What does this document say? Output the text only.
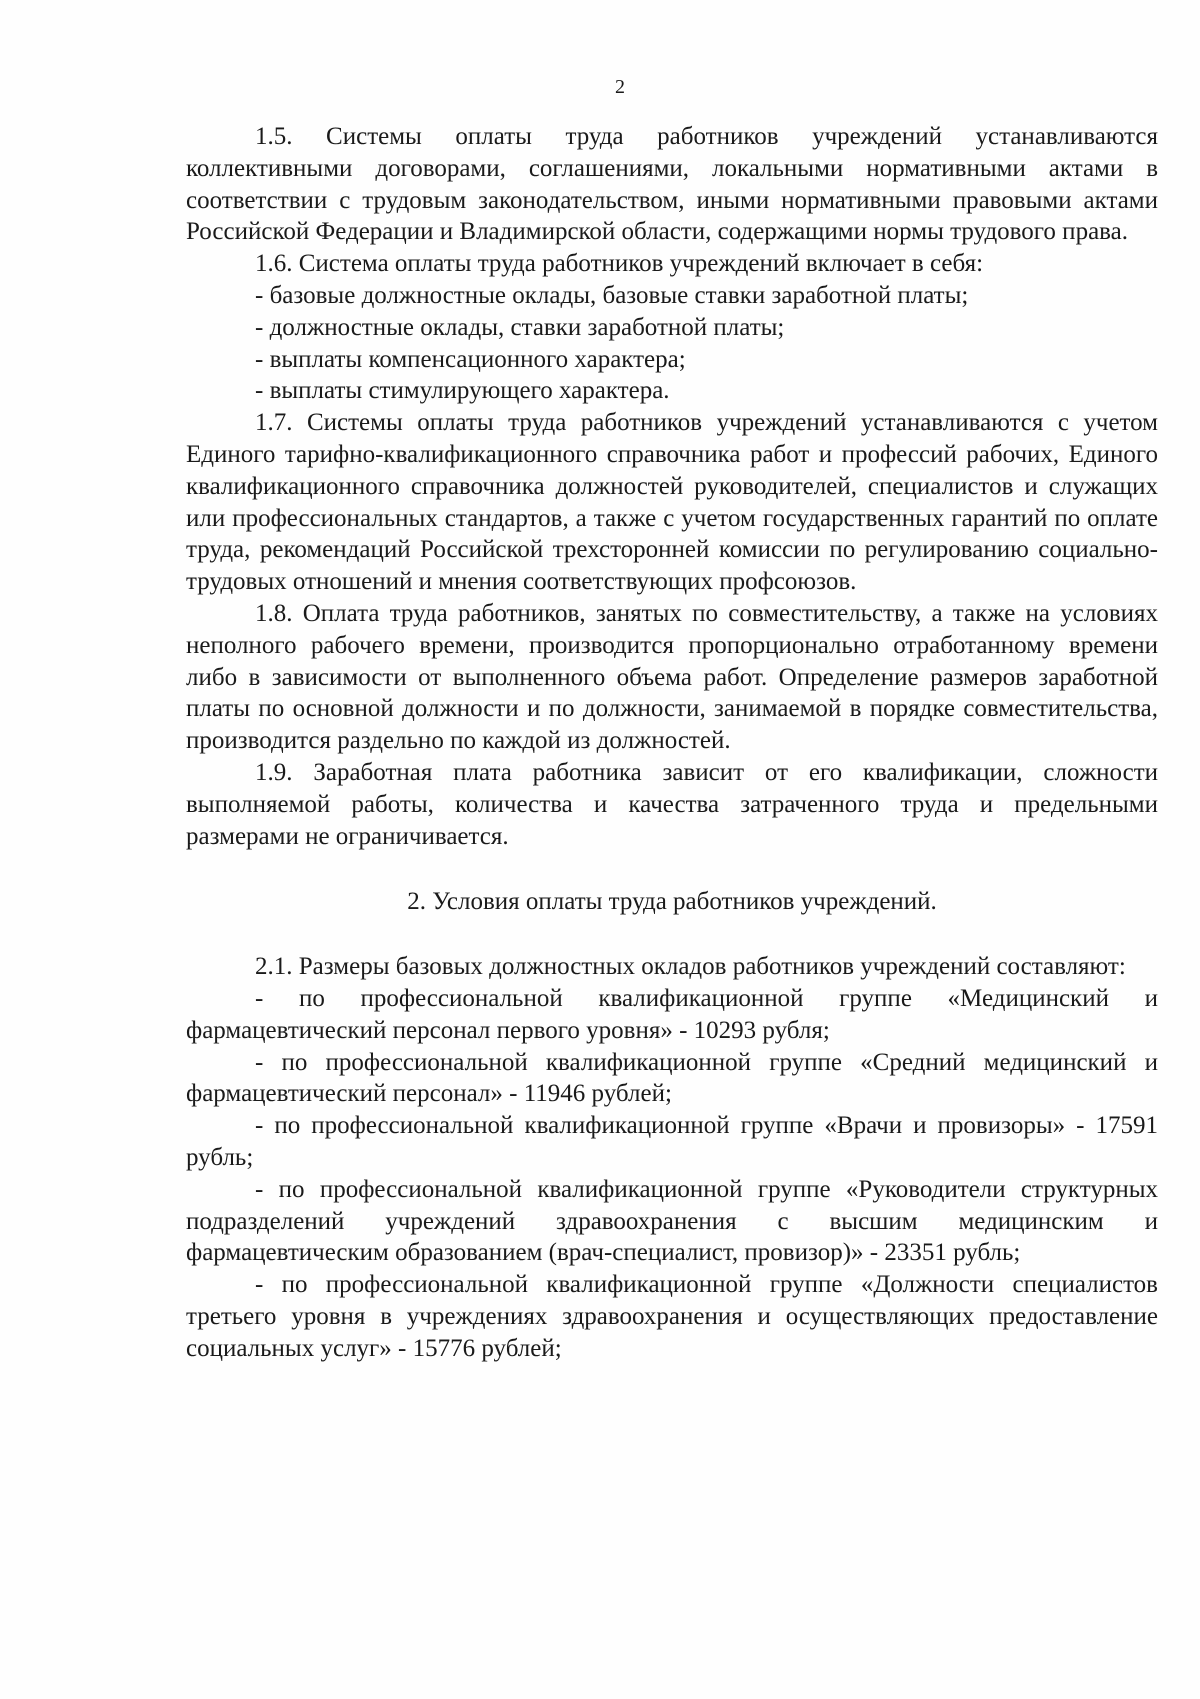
2

1.5. Системы оплаты труда работников учреждений устанавливаются коллективными договорами, соглашениями, локальными нормативными актами в соответствии с трудовым законодательством, иными нормативными правовыми актами Российской Федерации и Владимирской области, содержащими нормы трудового права.

1.6. Система оплаты труда работников учреждений включает в себя:

- базовые должностные оклады, базовые ставки заработной платы;

- должностные оклады, ставки заработной платы;

- выплаты компенсационного характера;

- выплаты стимулирующего характера.

1.7. Системы оплаты труда работников учреждений устанавливаются с учетом Единого тарифно-квалификационного справочника работ и профессий рабочих, Единого квалификационного справочника должностей руководителей, специалистов и служащих или профессиональных стандартов, а также с учетом государственных гарантий по оплате труда, рекомендаций Российской трехсторонней комиссии по регулированию социально-трудовых отношений и мнения соответствующих профсоюзов.

1.8. Оплата труда работников, занятых по совместительству, а также на условиях неполного рабочего времени, производится пропорционально отработанному времени либо в зависимости от выполненного объема работ. Определение размеров заработной платы по основной должности и по должности, занимаемой в порядке совместительства, производится раздельно по каждой из должностей.

1.9. Заработная плата работника зависит от его квалификации, сложности выполняемой работы, количества и качества затраченного труда и предельными размерами не ограничивается.

2. Условия оплаты труда работников учреждений.

2.1. Размеры базовых должностных окладов работников учреждений составляют:

- по профессиональной квалификационной группе «Медицинский и фармацевтический персонал первого уровня» - 10293 рубля;

- по профессиональной квалификационной группе «Средний медицинский и фармацевтический персонал» - 11946 рублей;

- по профессиональной квалификационной группе «Врачи и провизоры» - 17591 рубль;

- по профессиональной квалификационной группе «Руководители структурных подразделений учреждений здравоохранения с высшим медицинским и фармацевтическим образованием (врач-специалист, провизор)» - 23351 рубль;

- по профессиональной квалификационной группе «Должности специалистов третьего уровня в учреждениях здравоохранения и осуществляющих предоставление социальных услуг» - 15776 рублей;
